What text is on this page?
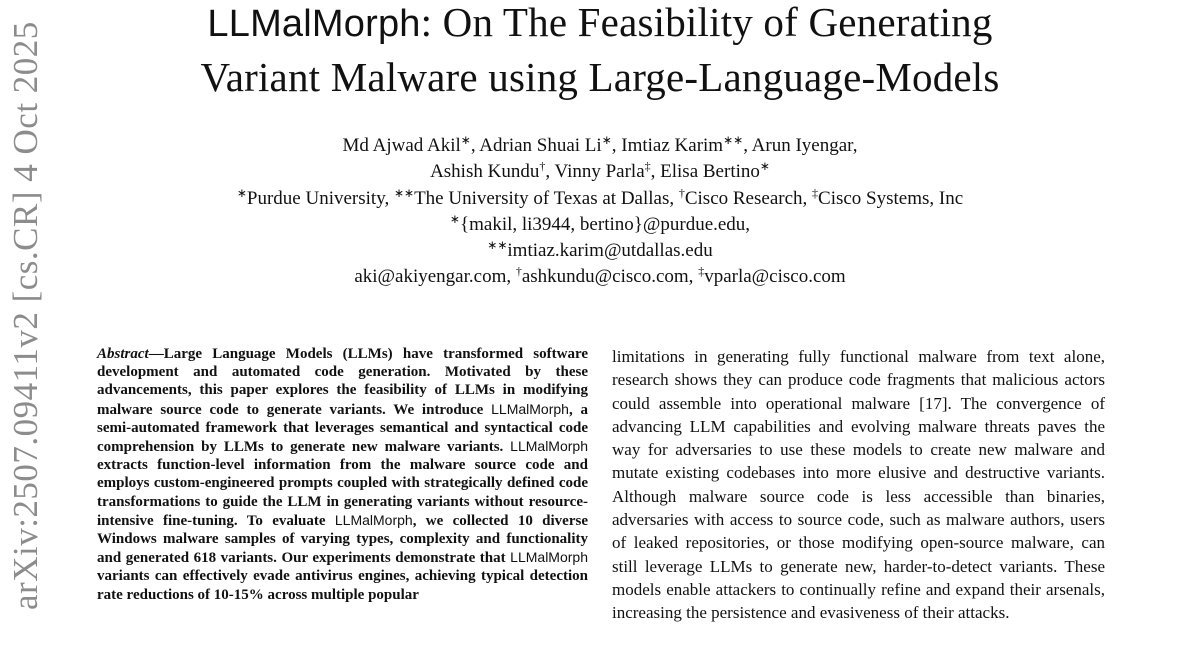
LLMalMorph: On The Feasibility of Generating
Variant Malware using Large-Language-Models
Md Ajwad Akil∗, Adrian Shuai Li∗, Imtiaz Karim∗∗, Arun Iyengar,
Ashish Kundu†, Vinny Parla‡, Elisa Bertino∗
∗Purdue University, ∗∗The University of Texas at Dallas, †Cisco Research, ‡Cisco Systems, Inc
∗{makil, li3944, bertino}@purdue.edu,
∗∗imtiaz.karim@utdallas.edu
aki@akiyengar.com, †ashkundu@cisco.com, ‡vparla@cisco.com
arXiv:2507.09411v2 [cs.CR] 4 Oct 2025	Abstract—Large Language Models (LLMs) have transformed software development and automated code generation. Motivated by these advancements, this paper explores the feasibility of LLMs in modifying malware source code to generate variants. We introduce LLMalMorph, a semi-automated framework that leverages semantical and syntactical code comprehension by LLMs to generate new malware variants. LLMalMorph extracts function-level information from the malware source code and employs custom-engineered prompts coupled with strategically defined code transformations to guide the LLM in generating variants without resource-intensive fine-tuning. To evaluate LLMalMorph, we collected 10 diverse Windows malware samples of varying types, complexity and functionality and generated 618 variants. Our experiments demonstrate that LLMalMorph variants can effectively evade antivirus engines, achieving typical detection rate reductions of 10-15% across multiple popular

limitations in generating fully functional malware from text alone, research shows they can produce code fragments that malicious actors could assemble into operational malware [17]. The convergence of advancing LLM capabilities and evolving malware threats paves the way for adversaries to use these models to create new malware and mutate existing codebases into more elusive and destructive variants. Although malware source code is less accessible than binaries, adversaries with access to source code, such as malware authors, users of leaked repositories, or those modifying open-source malware, can still leverage LLMs to generate new, harder-to-detect variants. These models enable attackers to continually refine and expand their arsenals, increasing the persistence and evasiveness of their attacks.
